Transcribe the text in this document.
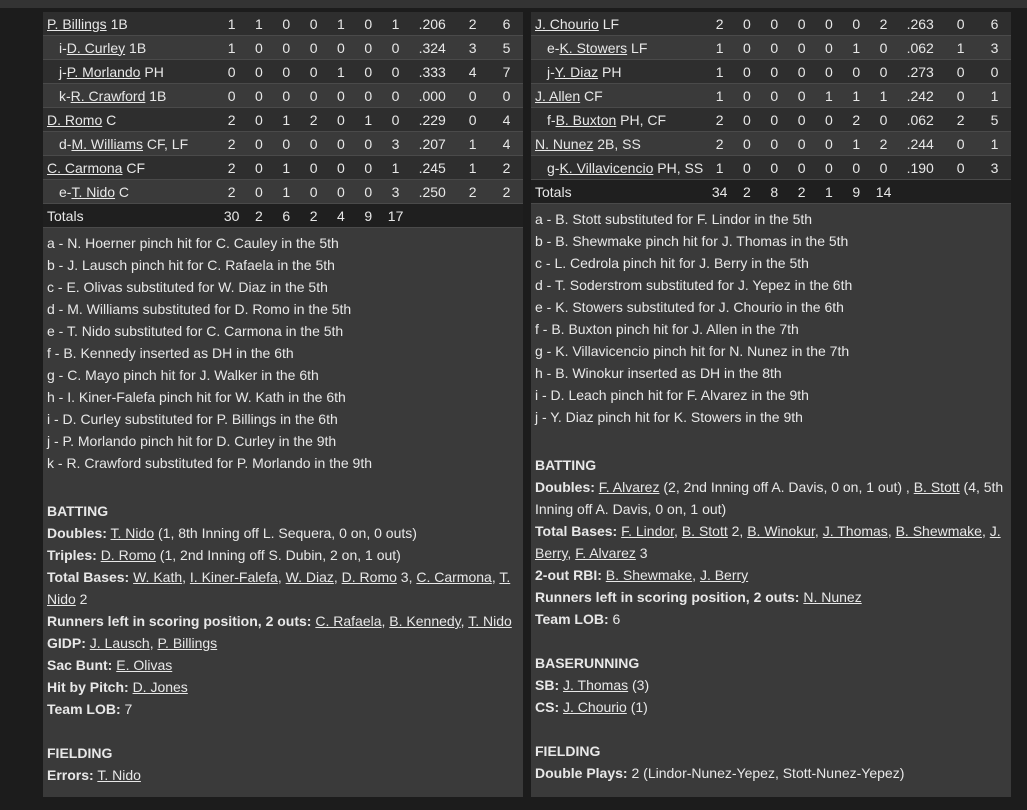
P. Billings 1B	1	1	0	0	1	0	1	.206	2	6
i-D. Curley 1B	1	0	0	0	0	0	0	.324	3	5
j-P. Morlando PH	0	0	0	0	1	0	0	.333	4	7
k-R. Crawford 1B	0	0	0	0	0	0	0	.000	0	0
D. Romo C	2	0	1	2	0	1	0	.229	0	4
d-M. Williams CF, LF	2	0	0	0	0	0	3	.207	1	4
C. Carmona CF	2	0	1	0	0	0	1	.245	1	2
e-T. Nido C	2	0	1	0	0	0	3	.250	2	2
Totals	30	2	6	2	4	9	17			
a - N. Hoerner pinch hit for C. Cauley in the 5th
b - J. Lausch pinch hit for C. Rafaela in the 5th
c - E. Olivas substituted for W. Diaz in the 5th
d - M. Williams substituted for D. Romo in the 5th
e - T. Nido substituted for C. Carmona in the 5th
f - B. Kennedy inserted as DH in the 6th
g - C. Mayo pinch hit for J. Walker in the 6th
h - I. Kiner-Falefa pinch hit for W. Kath in the 6th
i - D. Curley substituted for P. Billings in the 6th
j - P. Morlando pinch hit for D. Curley in the 9th
k - R. Crawford substituted for P. Morlando in the 9th
BATTING
Doubles: T. Nido (1, 8th Inning off L. Sequera, 0 on, 0 outs)
Triples: D. Romo (1, 2nd Inning off S. Dubin, 2 on, 1 out)
Total Bases: W. Kath, I. Kiner-Falefa, W. Diaz, D. Romo 3, C. Carmona, T. Nido 2
Runners left in scoring position, 2 outs: C. Rafaela, B. Kennedy, T. Nido
GIDP: J. Lausch, P. Billings
Sac Bunt: E. Olivas
Hit by Pitch: D. Jones
Team LOB: 7
FIELDING
Errors: T. Nido
J. Chourio LF	2	0	0	0	0	0	2	.263	0	6
e-K. Stowers LF	1	0	0	0	0	1	0	.062	1	3
j-Y. Diaz PH	1	0	0	0	0	0	0	.273	0	0
J. Allen CF	1	0	0	0	1	1	1	.242	0	1
f-B. Buxton PH, CF	2	0	0	0	0	2	0	.062	2	5
N. Nunez 2B, SS	2	0	0	0	0	1	2	.244	0	1
g-K. Villavicencio PH, SS	1	0	0	0	0	0	0	.190	0	3
Totals	34	2	8	2	1	9	14			
a - B. Stott substituted for F. Lindor in the 5th
b - B. Shewmake pinch hit for J. Thomas in the 5th
c - L. Cedrola pinch hit for J. Berry in the 5th
d - T. Soderstrom substituted for J. Yepez in the 6th
e - K. Stowers substituted for J. Chourio in the 6th
f - B. Buxton pinch hit for J. Allen in the 7th
g - K. Villavicencio pinch hit for N. Nunez in the 7th
h - B. Winokur inserted as DH in the 8th
i - D. Leach pinch hit for F. Alvarez in the 9th
j - Y. Diaz pinch hit for K. Stowers in the 9th
BATTING
Doubles: F. Alvarez (2, 2nd Inning off A. Davis, 0 on, 1 out) , B. Stott (4, 5th Inning off A. Davis, 0 on, 1 out)
Total Bases: F. Lindor, B. Stott 2, B. Winokur, J. Thomas, B. Shewmake, J. Berry, F. Alvarez 3
2-out RBI: B. Shewmake, J. Berry
Runners left in scoring position, 2 outs: N. Nunez
Team LOB: 6
BASERUNNING
SB: J. Thomas (3)
CS: J. Chourio (1)
FIELDING
Double Plays: 2 (Lindor-Nunez-Yepez, Stott-Nunez-Yepez)
